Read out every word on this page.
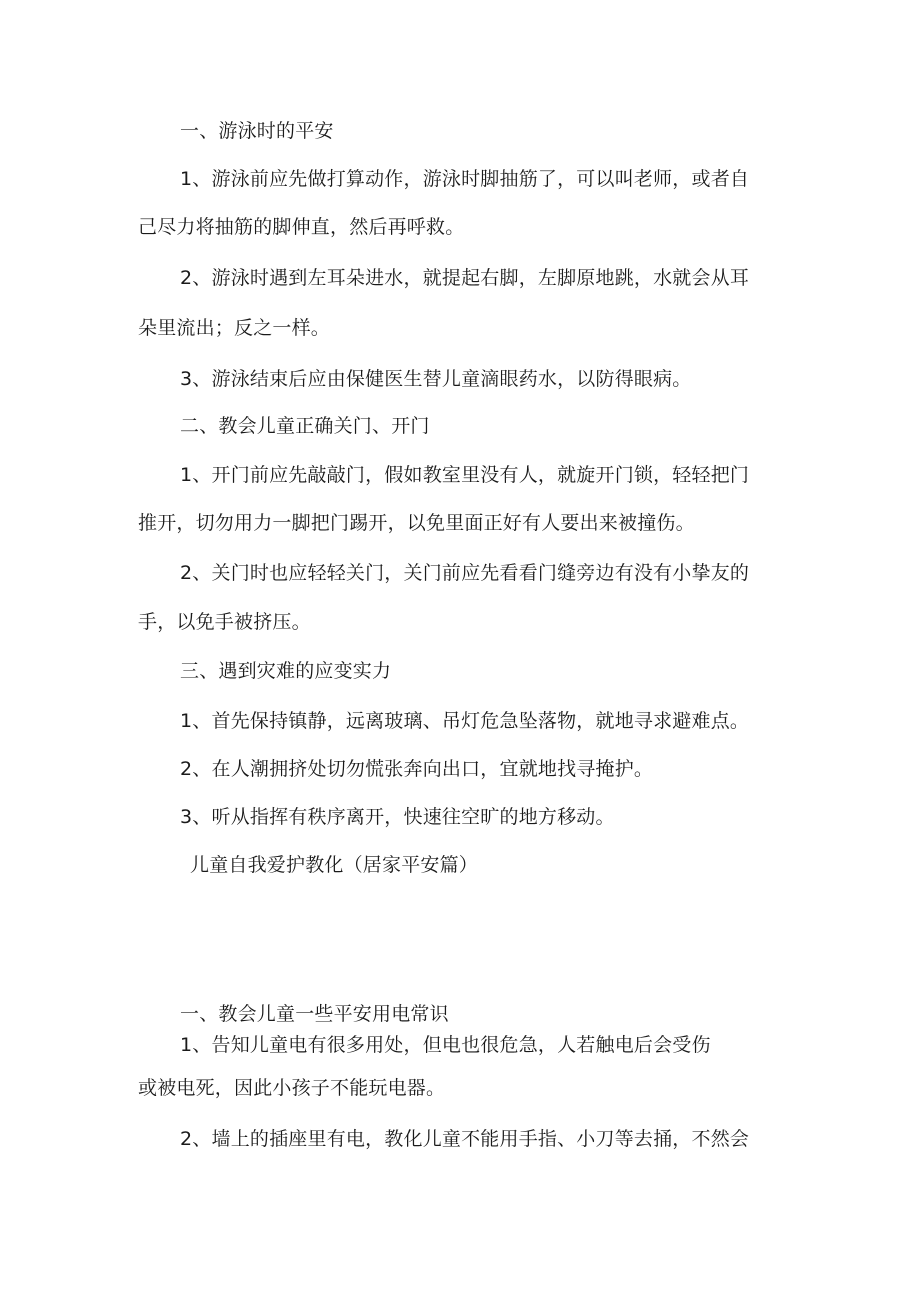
一、游泳时的平安
1、游泳前应先做打算动作，游泳时脚抽筋了，可以叫老师，或者自
己尽力将抽筋的脚伸直，然后再呼救。
2、游泳时遇到左耳朵进水，就提起右脚，左脚原地跳，水就会从耳
朵里流出；反之一样。
3、游泳结束后应由保健医生替儿童滴眼药水，以防得眼病。
二、教会儿童正确关门、开门
1、开门前应先敲敲门，假如教室里没有人，就旋开门锁，轻轻把门
推开，切勿用力一脚把门踢开，以免里面正好有人要出来被撞伤。
2、关门时也应轻轻关门，关门前应先看看门缝旁边有没有小挚友的
手，以免手被挤压。
三、遇到灾难的应变实力
1、首先保持镇静，远离玻璃、吊灯危急坠落物，就地寻求避难点。
2、在人潮拥挤处切勿慌张奔向出口，宜就地找寻掩护。
3、听从指挥有秩序离开，快速往空旷的地方移动。
儿童自我爱护教化（居家平安篇）
一、教会儿童一些平安用电常识
1、告知儿童电有很多用处，但电也很危急，人若触电后会受伤
或被电死，因此小孩子不能玩电器。
2、墙上的插座里有电，教化儿童不能用手指、小刀等去捅，不然会
